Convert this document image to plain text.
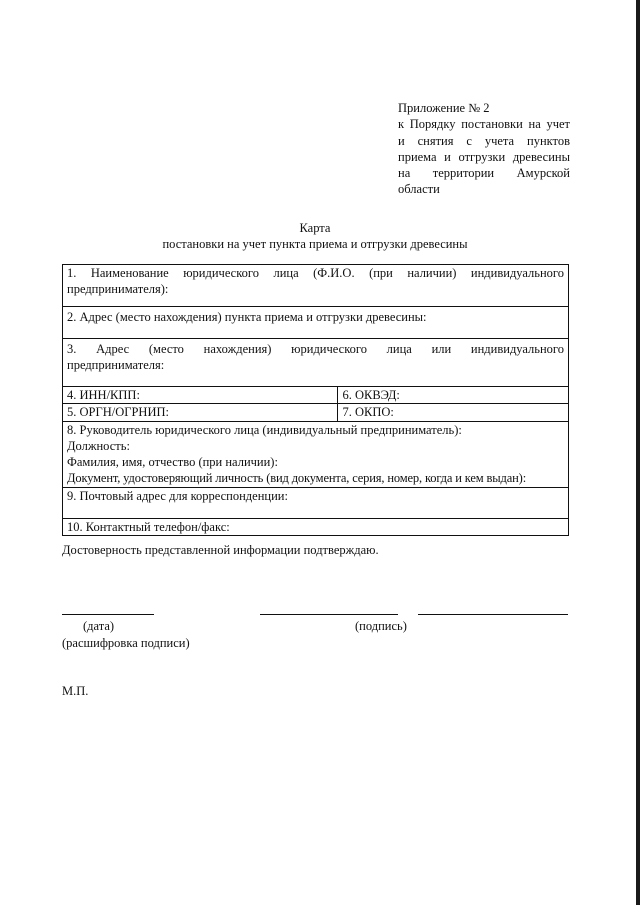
Приложение № 2
к Порядку постановки на учет
и снятия с учета пунктов
приема и отгрузки древесины
на территории Амурской
области
Карта
постановки на учет пункта приема и отгрузки древесины
1. Наименование юридического лица (Ф.И.О. (при наличии) индивидуального
предпринимателя):	

2. Адрес (место нахождения) пункта приема и отгрузки древесины:	

3. Адрес (место нахождения) юридического лица или индивидуального
предпринимателя:	

4. ИНН/КПП:	6. ОКВЭД:
5. ОРГН/ОГРНИП:	7. ОКПО:

8. Руководитель юридического лица (индивидуальный предприниматель):
Должность:
Фамилия, имя, отчество (при наличии):
Документ, удостоверяющий личность (вид документа, серия, номер, когда и кем выдан):	

9. Почтовый адрес для корреспонденции:	
10. Контактный телефон/факс:	
Достоверность представленной информации подтверждаю.
(дата)	(подпись)
(расшифровка подписи)
М.П.
